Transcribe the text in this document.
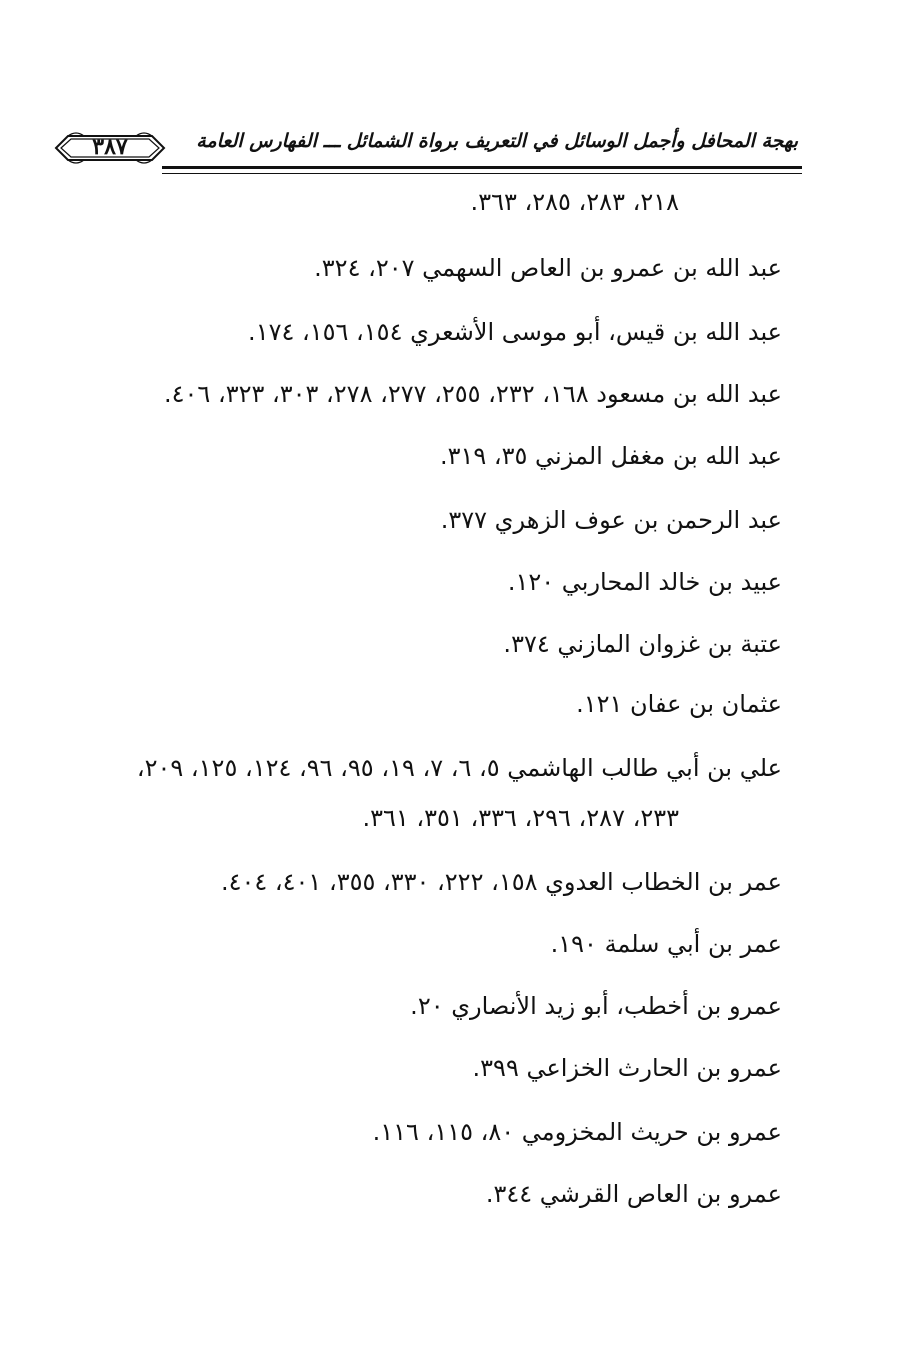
٣٨٧	بهجة المحافل وأجمل الوسائل في التعريف برواة الشمائل ـــ الفهارس العامة
٢١٨، ٢٨٣، ٢٨٥، ٣٦٣.
عبد الله بن عمرو بن العاص السهمي ٢٠٧، ٣٢٤.
عبد الله بن قيس، أبو موسى الأشعري ١٥٤، ١٥٦، ١٧٤.
عبد الله بن مسعود ١٦٨، ٢٣٢، ٢٥٥، ٢٧٧، ٢٧٨، ٣٠٣، ٣٢٣، ٤٠٦.
عبد الله بن مغفل المزني ٣٥، ٣١٩.
عبد الرحمن بن عوف الزهري ٣٧٧.
عبيد بن خالد المحاربي ١٢٠.
عتبة بن غزوان المازني ٣٧٤.
عثمان بن عفان ١٢١.
علي بن أبي طالب الهاشمي ٥، ٦، ٧، ١٩، ٩٥، ٩٦، ١٢٤، ١٢٥، ٢٠٩،
٢٣٣، ٢٨٧، ٢٩٦، ٣٣٦، ٣٥١، ٣٦١.
عمر بن الخطاب العدوي ١٥٨، ٢٢٢، ٣٣٠، ٣٥٥، ٤٠١، ٤٠٤.
عمر بن أبي سلمة ١٩٠.
عمرو بن أخطب، أبو زيد الأنصاري ٢٠.
عمرو بن الحارث الخزاعي ٣٩٩.
عمرو بن حريث المخزومي ٨٠، ١١٥، ١١٦.
عمرو بن العاص القرشي ٣٤٤.
